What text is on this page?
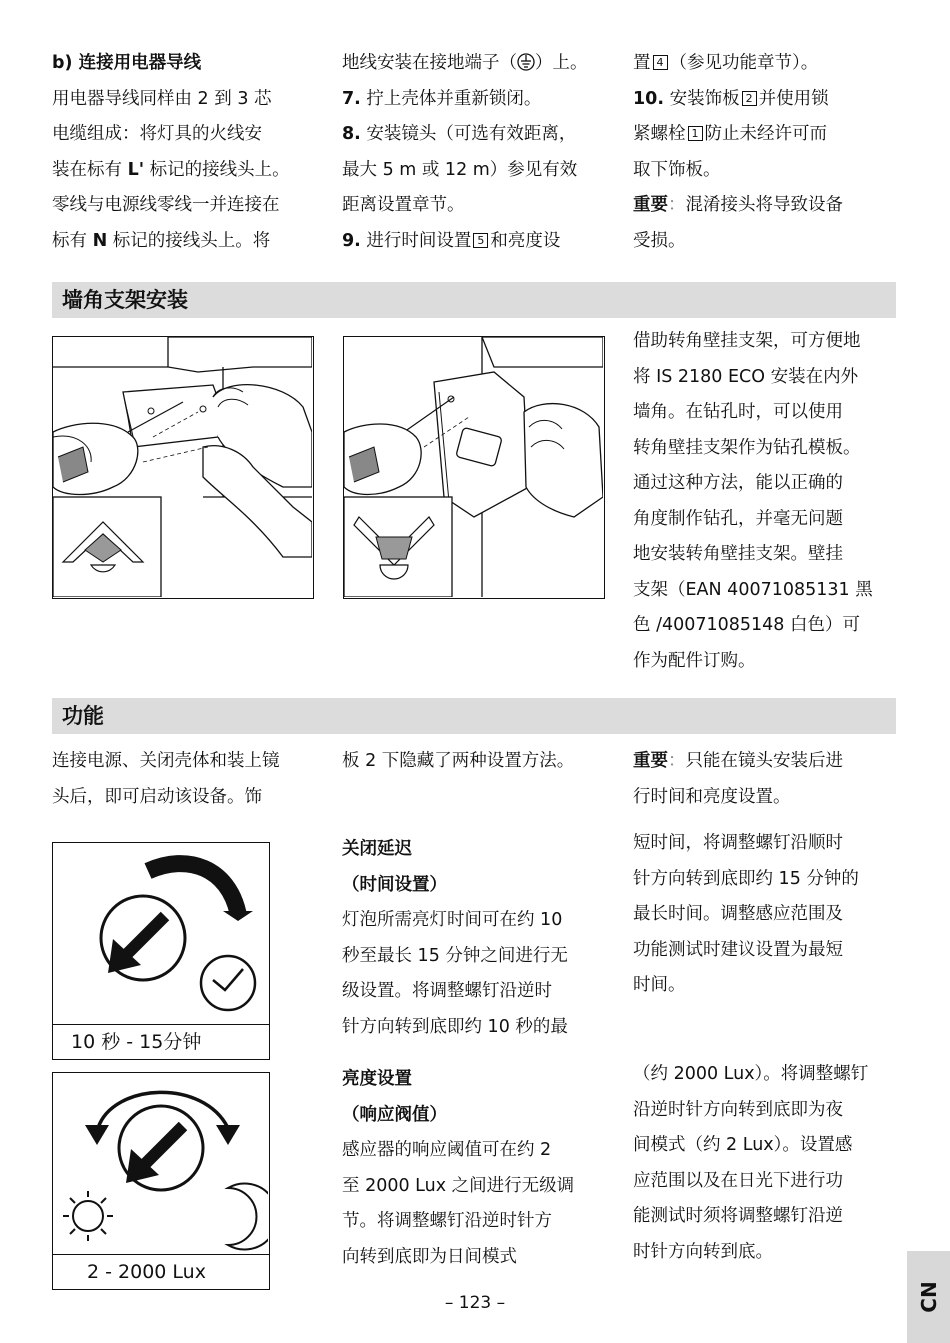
b) 连接用电器导线

用电器导线同样由 2 到 3 芯

电缆组成：将灯具的火线安

装在标有 L' 标记的接线头上。

零线与电源线零线一并连接在

标有 N 标记的接线头上。将

地线安装在接地端子（ ）上。

7. 拧上壳体并重新锁闭。

8. 安装镜头（可选有效距离，

最大 5 m 或 12 m）参见有效

距离设置章节。

9. 进行时间设置 5 和亮度设

置 4 （参见功能章节）。

10. 安装饰板 2 并使用锁

紧螺栓 1 防止未经许可而

取下饰板。

重要：混淆接头将导致设备

受损。

墙角支架安装

借助转角壁挂支架，可方便地

将 IS 2180 ECO 安装在内外

墙角。在钻孔时，可以使用

转角壁挂支架作为钻孔模板。

通过这种方法，能以正确的

角度制作钻孔，并毫无问题

地安装转角壁挂支架。壁挂

支架（EAN 40071085131 黑

色 /40071085148 白色）可

作为配件订购。

功能

连接电源、关闭壳体和装上镜

头后，即可启动该设备。饰

板 2 下隐藏了两种设置方法。	重要：只能在镜头安装后进

行时间和亮度设置。

10 秒 - 15分钟

关闭延迟

（时间设置）

灯泡所需亮灯时间可在约 10

秒至最长 15 分钟之间进行无

级设置。将调整螺钉沿逆时

针方向转到底即约 10 秒的最

短时间，将调整螺钉沿顺时

针方向转到底即约 15 分钟的

最长时间。调整感应范围及

功能测试时建议设置为最短

时间。

2 - 2000 Lux

亮度设置

（响应阀值）

感应器的响应阈值可在约 2

至 2000 Lux 之间进行无级调

节。将调整螺钉沿逆时针方

向转到底即为日间模式

（约 2000 Lux）。将调整螺钉

沿逆时针方向转到底即为夜

间模式（约 2 Lux）。设置感

应范围以及在日光下进行功

能测试时须将调整螺钉沿逆

时针方向转到底。

– 123 –	CN
